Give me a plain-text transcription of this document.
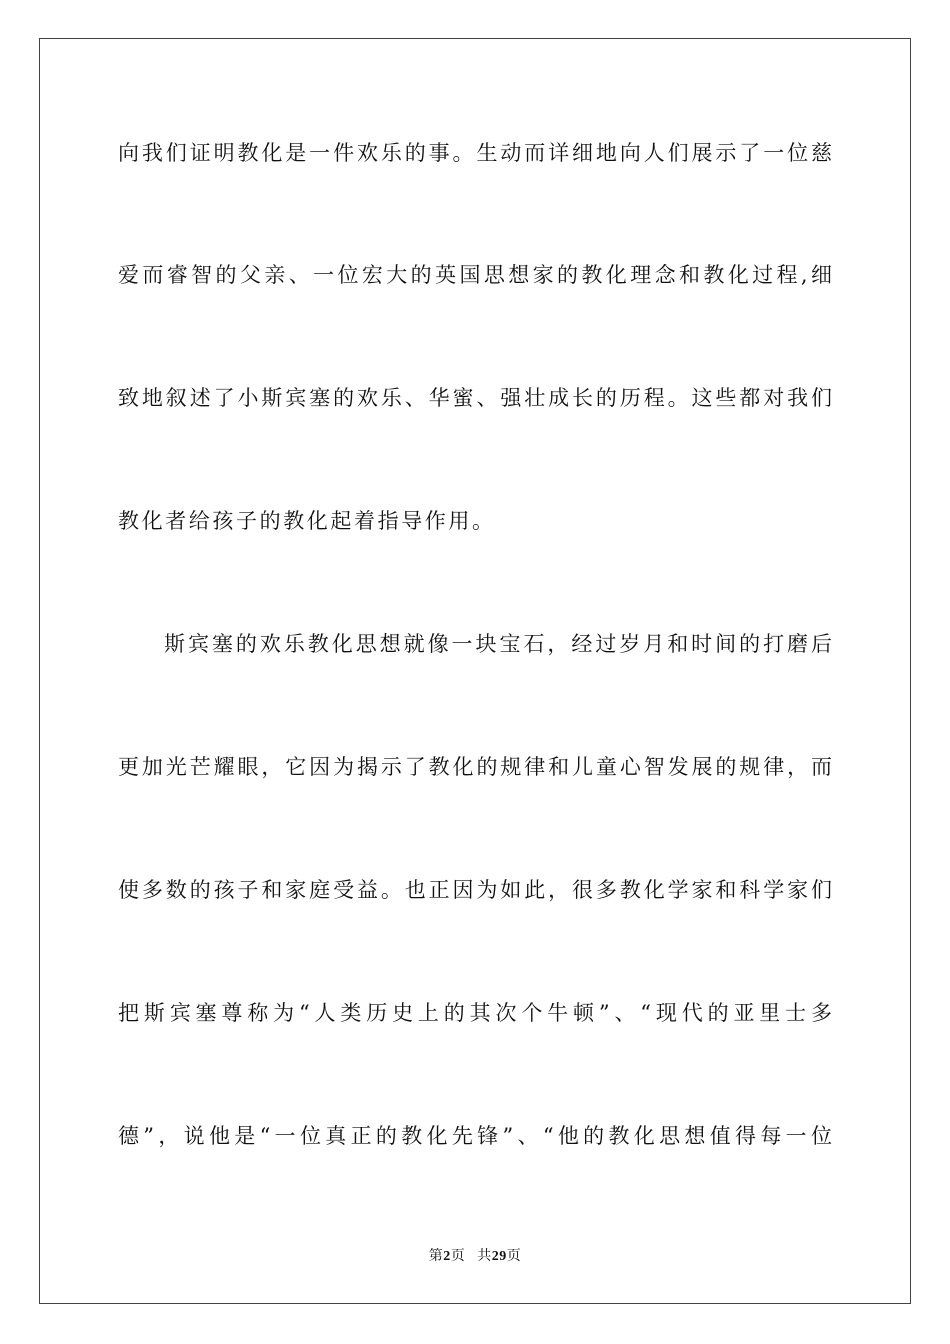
向我们证明教化是一件欢乐的事。生动而详细地向人们展示了一位慈
爱而睿智的父亲、一位宏大的英国思想家的教化理念和教化过程,细
致地叙述了小斯宾塞的欢乐、华蜜、强壮成长的历程。这些都对我们
教化者给孩子的教化起着指导作用。
斯宾塞的欢乐教化思想就像一块宝石，经过岁月和时间的打磨后
更加光芒耀眼，它因为揭示了教化的规律和儿童心智发展的规律，而
使多数的孩子和家庭受益。也正因为如此，很多教化学家和科学家们
把斯宾塞尊称为“人类历史上的其次个牛顿”、“现代的亚里士多
德”，说他是“一位真正的教化先锋”、“他的教化思想值得每一位
第2页 共29页
